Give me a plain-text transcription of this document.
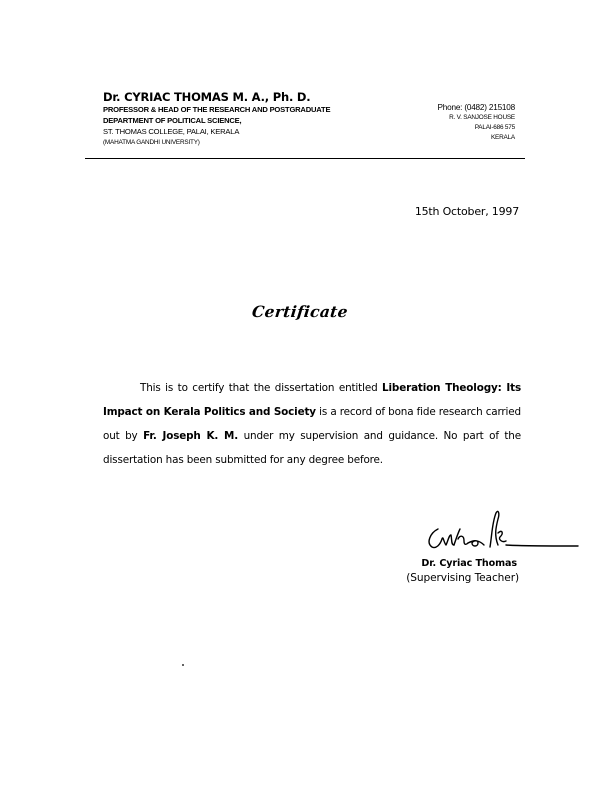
Dr. CYRIAC THOMAS M. A., Ph. D.
PROFESSOR & HEAD OF THE RESEARCH AND POSTGRADUATE
DEPARTMENT OF POLITICAL SCIENCE,
ST. THOMAS COLLEGE, PALAI, KERALA
(MAHATMA GANDHI UNIVERSITY)
Phone: (0482) 215108
R. V. SANJOSE HOUSE
PALAI-686 575
KERALA
15th October, 1997
Certificate
This is to certify that the dissertation entitled Liberation Theology: Its Impact on Kerala Politics and Society is a record of bona fide research carried out by Fr. Joseph K. M. under my supervision and guidance. No part of the dissertation has been submitted for any degree before.
Dr. Cyriac Thomas
(Supervising Teacher)
